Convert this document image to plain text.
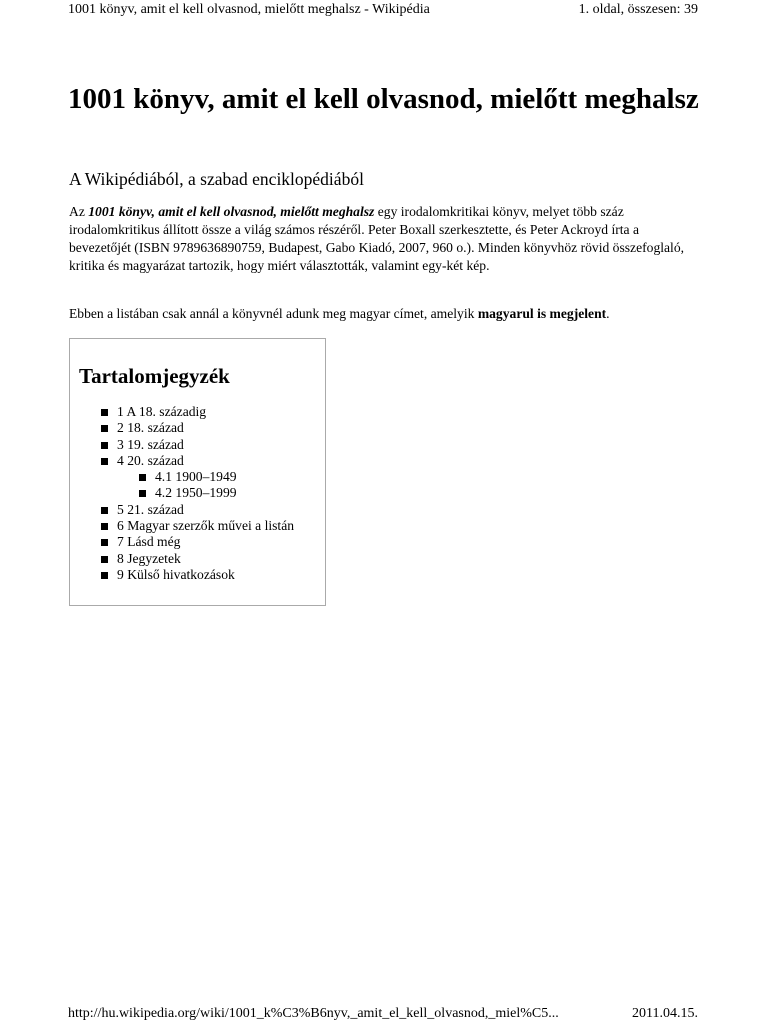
1001 könyv, amit el kell olvasnod, mielőtt meghalsz - Wikipédia	1. oldal, összesen: 39
1001 könyv, amit el kell olvasnod, mielőtt meghalsz

A Wikipédiából, a szabad enciklopédiából

Az 1001 könyv, amit el kell olvasnod, mielőtt meghalsz egy irodalomkritikai könyv, melyet több száz irodalomkritikus állított össze a világ számos részéről. Peter Boxall szerkesztette, és Peter Ackroyd írta a bevezetőjét (ISBN 9789636890759, Budapest, Gabo Kiadó, 2007, 960 o.). Minden könyvhöz rövid összefoglaló, kritika és magyarázat tartozik, hogy miért választották, valamint egy-két kép.

Ebben a listában csak annál a könyvnél adunk meg magyar címet, amelyik magyarul is megjelent.

Tartalomjegyzék
1 A 18. századig
2 18. század
3 19. század
4 20. század
4.1 1900–1949
4.2 1950–1999
5 21. század
6 Magyar szerzők művei a listán
7 Lásd még
8 Jegyzetek
9 Külső hivatkozások
http://hu.wikipedia.org/wiki/1001_k%C3%B6nyv,_amit_el_kell_olvasnod,_miel%C5...	2011.04.15.
